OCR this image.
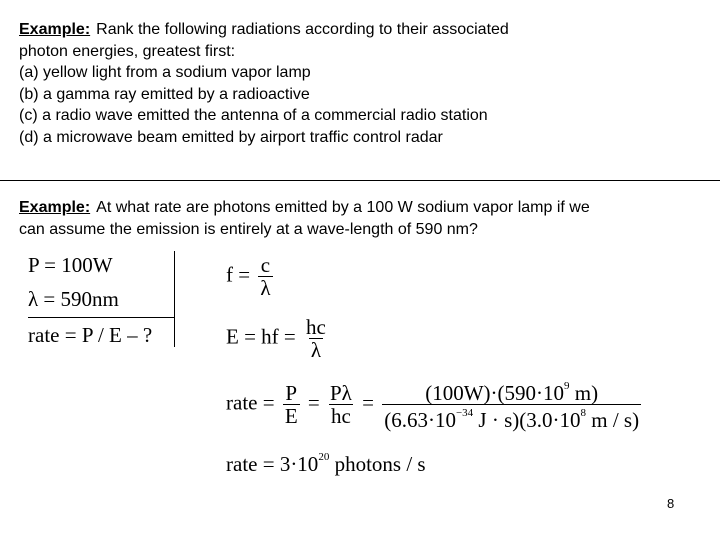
Example: Rank the following radiations according to their associated
photon energies, greatest first:
(a) yellow light from a sodium vapor lamp
(b) a gamma ray emitted by a radioactive
(c) a radio wave emitted the antenna of a commercial radio station
(d) a microwave beam emitted by airport traffic control radar
Example: At what rate are photons emitted by a 100 W sodium vapor lamp if we
can assume the emission is entirely at a wave-length of 590 nm?
P = 100W
λ = 590nm
rate = P / E – ?
$f = \frac{c}{\lambda}$
E = hf = $\frac{hc}{\lambda}$
rate = $\frac{P}{E} = \frac{P\lambda}{hc} = \frac{(100W)\cdot(590\cdot 10^9 m)}{(6.63\cdot 10^{-34} J \cdot s)(3.0\cdot 10^8 m / s)}$
rate = $3\cdot 10^{20}$ photons / s
8
